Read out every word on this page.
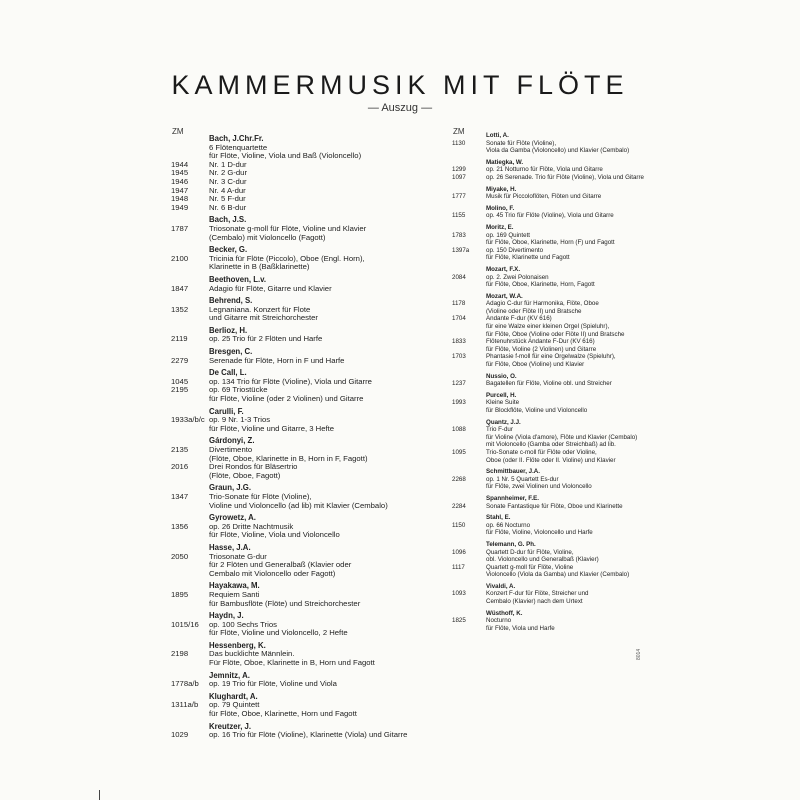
KAMMERMUSIK MIT FLÖTE
— Auszug —
ZM	ZM
Bach, J.Chr.Fr.
6 Flötenquartette
für Flöte, Violine, Viola und Baß (Violoncello)
1944	Nr. 1 D-dur
1945	Nr. 2 G-dur
1946	Nr. 3 C-dur
1947	Nr. 4 A-dur
1948	Nr. 5 F-dur
1949	Nr. 6 B-dur
Bach, J.S.
1787	Triosonate g-moll für Flöte, Violine und Klavier
(Cembalo) mit Violoncello (Fagott)
Becker, G.
2100	Tricinia für Flöte (Piccolo), Oboe (Engl. Horn),
Klarinette in B (Baßklarinette)
Beethoven, L.v.
1847	Adagio für Flöte, Gitarre und Klavier
Behrend, S.
1352	Legnaniana. Konzert für Flote
und Gitarre mit Streichorchester
Berlioz, H.
2119	op. 25 Trio für 2 Flöten und Harfe
Bresgen, C.
2279	Serenade für Flöte, Horn in F und Harfe
De Call, L.
1045	op. 134 Trio für Flöte (Violine), Viola und Gitarre
2195	op. 69 Triostücke
für Flöte, Violine (oder 2 Violinen) und Gitarre
Carulli, F.
1933a/b/c op. 9 Nr. 1-3 Trios
für Flöte, Violine und Gitarre, 3 Hefte
Gárdonyi, Z.
2135	Divertimento
(Flöte, Oboe, Klarinette in B, Horn in F, Fagott)
2016	Drei Rondos für Bläsertrio
(Flöte, Oboe, Fagott)
Graun, J.G.
1347	Trio-Sonate für Flöte (Violine),
Violine und Violoncello (ad lib) mit Klavier (Cembalo)
Gyrowetz, A.
1356	op. 26 Dritte Nachtmusik
für Flöte, Violine, Viola und Violoncello
Hasse, J.A.
2050	Triosonate G-dur
für 2 Flöten und Generalbaß (Klavier oder
Cembalo mit Violoncello oder Fagott)
Hayakawa, M.
1895	Requiem Santi
für Bambusflöte (Flöte) und Streichorchester
Haydn, J.
1015/16 op. 100 Sechs Trios
für Flöte, Violine und Violoncello, 2 Hefte
Hessenberg, K.
2198	Das bucklichte Männlein.
Für Flöte, Oboe, Klarinette in B, Horn und Fagott
Jemnitz, A.
1778a/b op. 19 Trio für Flöte, Violine und Viola
Klughardt, A.
1311a/b op. 79 Quintett
für Flöte, Oboe, Klarinette, Horn und Fagott
Kreutzer, J.
1029	op. 16 Trio für Flöte (Violine), Klarinette (Viola) und Gitarre
Lotti, A.
1130	Sonate für Flöte (Violine),
Viola da Gamba (Violoncello) und Klavier (Cembalo)
Matiegka, W.
1299	op. 21 Notturno für Flöte, Viola und Gitarre
1097	op. 26 Serenade. Trio für Flöte (Violine), Viola und Gitarre
Miyake, H.
1777	Musik für Piccoloflöten, Flöten und Gitarre
Molino, F.
1155	op. 45 Trio für Flöte (Violine), Viola und Gitarre
Moritz, E.
1783	op. 169 Quintett
für Flöte, Oboe, Klarinette, Horn (F) und Fagott
1397a	op. 150 Divertimento
für Flöte, Klarinette und Fagott
Mozart, F.X.
2084	op. 2. Zwei Polonaisen
für Flöte, Oboe, Klarinette, Horn, Fagott
Mozart, W.A.
1178	Adagio C-dur für Harmonika, Flöte, Oboe
(Violine oder Flöte II) und Bratsche
1704	Andante F-dur (KV 616)
für eine Walze einer kleinen Orgel (Spieluhr),
für Flöte, Oboe (Violine oder Flöte II) und Bratsche
1833	Flötenuhrstück Andante F-Dur (KV 616)
für Flöte, Violine (2 Violinen) und Gitarre
1703	Phantasie f-moll für eine Orgelwalze (Spieluhr),
für Flöte, Oboe (Violine) und Klavier
Nussio, O.
1237	Bagatellen für Flöte, Violine obl. und Streicher
Purcell, H.
1993	Kleine Suite
für Blockflöte, Violine und Violoncello
Quantz, J.J.
1088	Trio F-dur
für Violine (Viola d'amore), Flöte und Klavier (Cembalo)
mit Violoncello (Gamba oder Streichbaß) ad lib.
1095	Trio-Sonate c-moll für Flöte oder Violine,
Oboe (oder II. Flöte oder II. Violine) und Klavier
Schmittbauer, J.A.
2268	op. 1 Nr. 5 Quartett Es-dur
für Flöte, zwei Violinen und Violoncello
Spannheimer, F.E.
2284	Sonate Fantastique für Flöte, Oboe und Klarinette
Stahl, E.
1150	op. 66 Nocturno
für Flöte, Violine, Violoncello und Harfe
Telemann, G. Ph.
1096	Quartett D-dur für Flöte, Violine,
obl. Violoncello und Generalbaß (Klavier)
1117	Quartett g-moll für Flöte, Violine
Violoncello (Viola da Gamba) und Klavier (Cembalo)
Vivaldi, A.
1093	Konzert F-dur für Flöte, Streicher und
Cembalo (Klavier) nach dem Urtext
Wüsthoff, K.
1825	Nocturno
für Flöte, Viola und Harfe
8014
